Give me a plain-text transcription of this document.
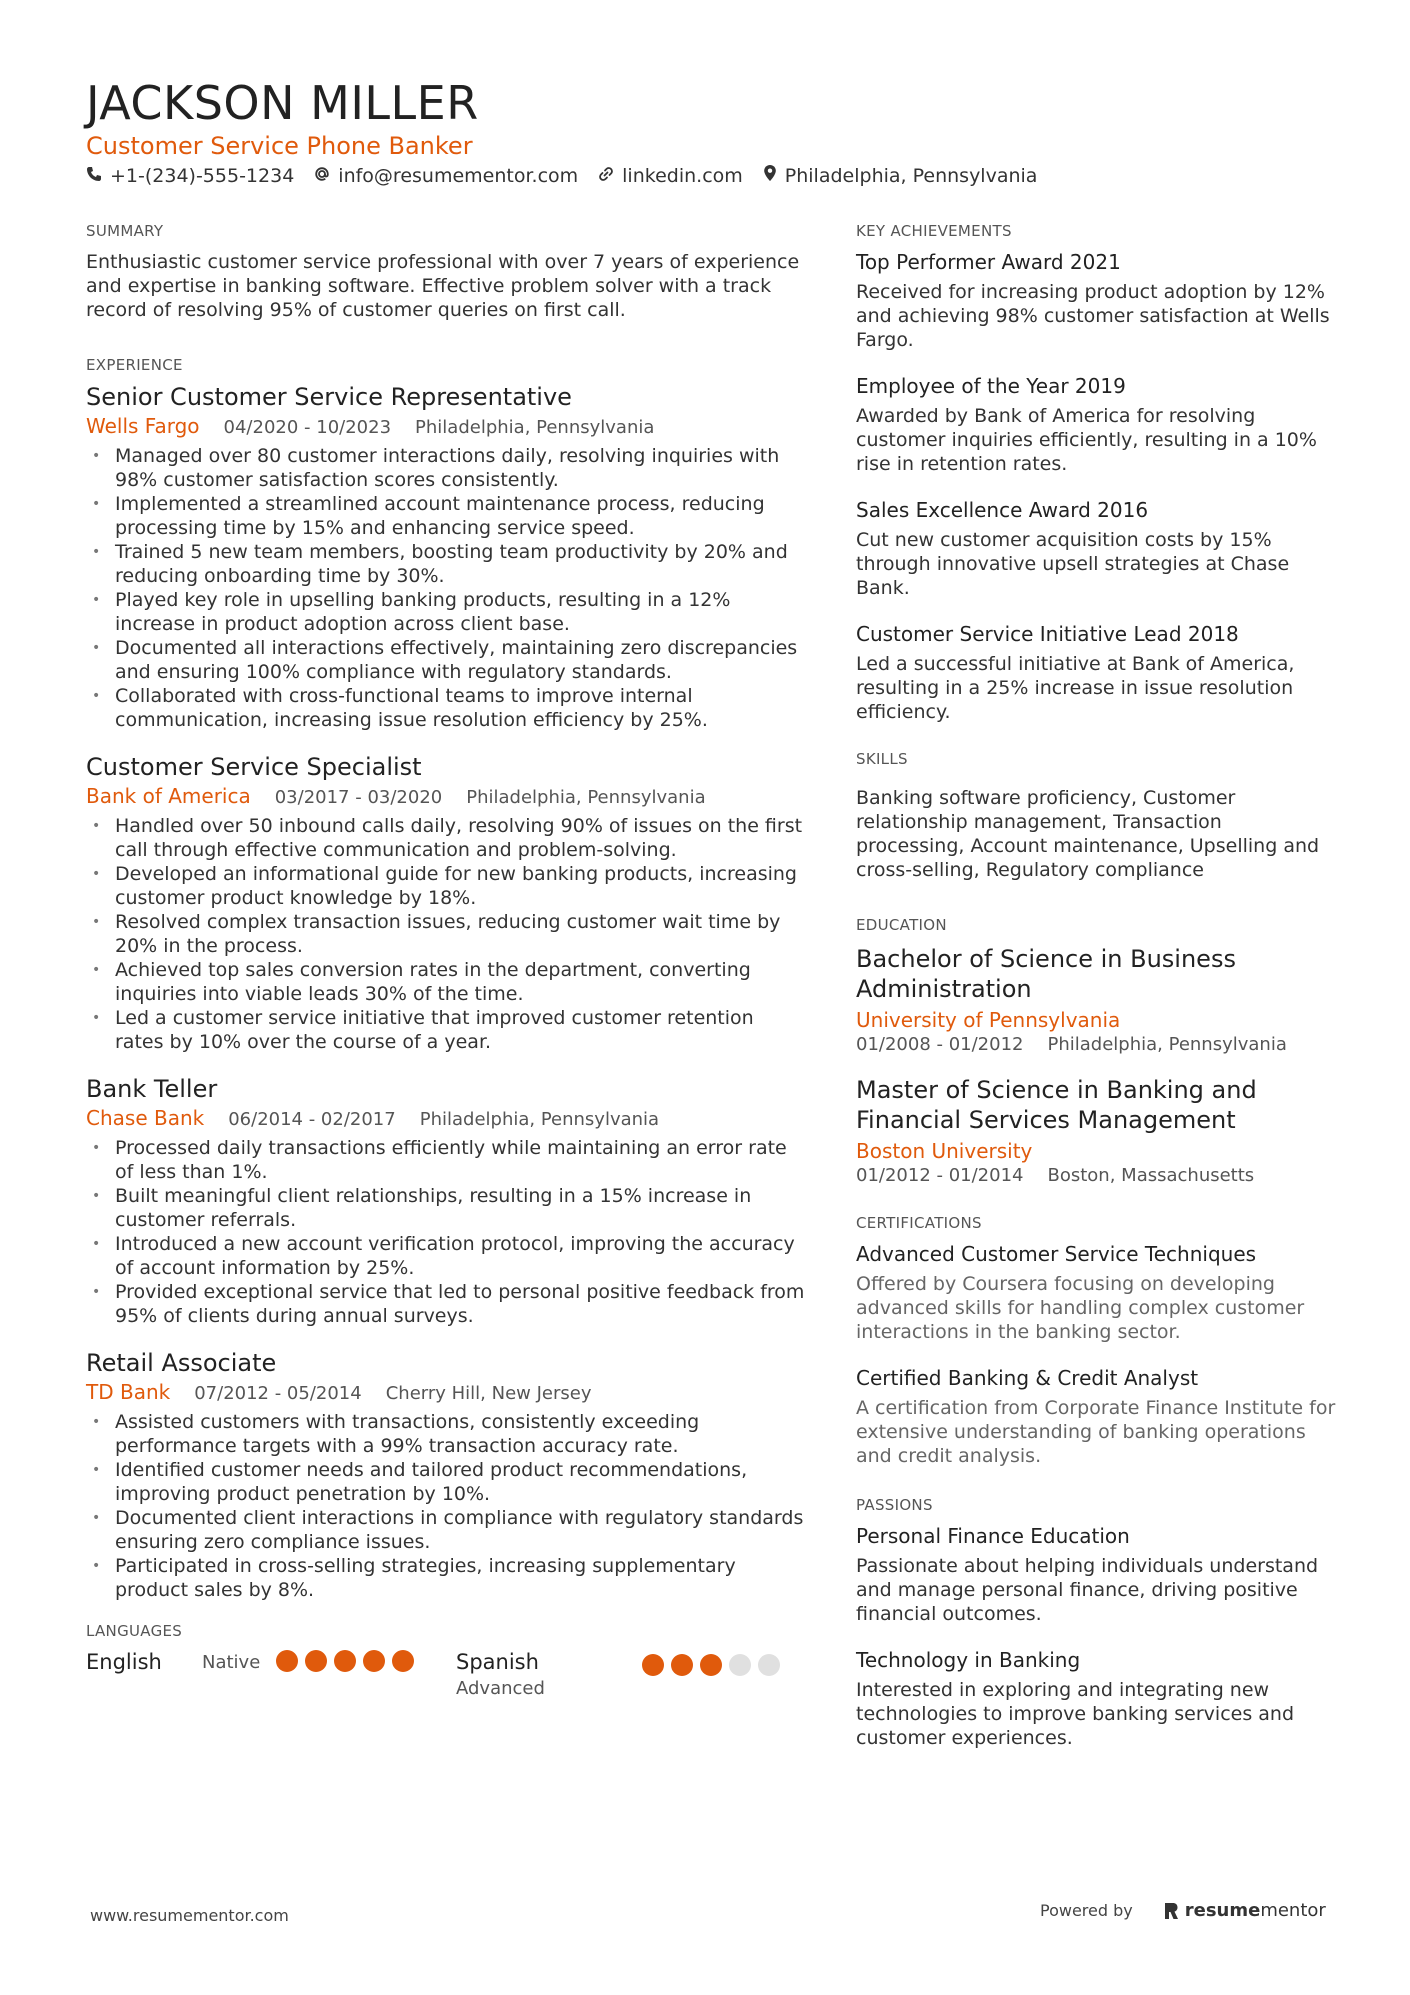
JACKSON MILLER
Customer Service Phone Banker
+1-(234)-555-1234 info@resumementor.com linkedin.com Philadelphia, Pennsylvania
SUMMARY

Enthusiastic customer service professional with over 7 years of experience and expertise in banking software. Effective problem solver with a track record of resolving 95% of customer queries on first call.

EXPERIENCE
Senior Customer Service Representative
Wells Fargo 04/2020 - 10/2023 Philadelphia, Pennsylvania
• Managed over 80 customer interactions daily, resolving inquiries with 98% customer satisfaction scores consistently.
• Implemented a streamlined account maintenance process, reducing processing time by 15% and enhancing service speed.
• Trained 5 new team members, boosting team productivity by 20% and reducing onboarding time by 30%.
• Played key role in upselling banking products, resulting in a 12% increase in product adoption across client base.
• Documented all interactions effectively, maintaining zero discrepancies and ensuring 100% compliance with regulatory standards.
• Collaborated with cross-functional teams to improve internal communication, increasing issue resolution efficiency by 25%.
Customer Service Specialist
Bank of America 03/2017 - 03/2020 Philadelphia, Pennsylvania
• Handled over 50 inbound calls daily, resolving 90% of issues on the first call through effective communication and problem-solving.
• Developed an informational guide for new banking products, increasing customer product knowledge by 18%.
• Resolved complex transaction issues, reducing customer wait time by 20% in the process.
• Achieved top sales conversion rates in the department, converting inquiries into viable leads 30% of the time.
• Led a customer service initiative that improved customer retention rates by 10% over the course of a year.
Bank Teller
Chase Bank 06/2014 - 02/2017 Philadelphia, Pennsylvania
• Processed daily transactions efficiently while maintaining an error rate of less than 1%.
• Built meaningful client relationships, resulting in a 15% increase in customer referrals.
• Introduced a new account verification protocol, improving the accuracy of account information by 25%.
• Provided exceptional service that led to personal positive feedback from 95% of clients during annual surveys.
Retail Associate
TD Bank 07/2012 - 05/2014 Cherry Hill, New Jersey
• Assisted customers with transactions, consistently exceeding performance targets with a 99% transaction accuracy rate.
• Identified customer needs and tailored product recommendations, improving product penetration by 10%.
• Documented client interactions in compliance with regulatory standards ensuring zero compliance issues.
• Participated in cross-selling strategies, increasing supplementary product sales by 8%.
LANGUAGES
English	Native	Spanish
Advanced
KEY ACHIEVEMENTS
Top Performer Award 2021

Received for increasing product adoption by 12% and achieving 98% customer satisfaction at Wells Fargo.

Employee of the Year 2019

Awarded by Bank of America for resolving customer inquiries efficiently, resulting in a 10% rise in retention rates.

Sales Excellence Award 2016

Cut new customer acquisition costs by 15% through innovative upsell strategies at Chase Bank.

Customer Service Initiative Lead 2018

Led a successful initiative at Bank of America, resulting in a 25% increase in issue resolution efficiency.

SKILLS

Banking software proficiency, Customer relationship management, Transaction processing, Account maintenance, Upselling and cross-selling, Regulatory compliance

EDUCATION
Bachelor of Science in Business Administration
University of Pennsylvania
01/2008 - 01/2012 Philadelphia, Pennsylvania
Master of Science in Banking and Financial Services Management
Boston University
01/2012 - 01/2014 Boston, Massachusetts
CERTIFICATIONS
Advanced Customer Service Techniques

Offered by Coursera focusing on developing advanced skills for handling complex customer interactions in the banking sector.

Certified Banking & Credit Analyst

A certification from Corporate Finance Institute for extensive understanding of banking operations and credit analysis.

PASSIONS
Personal Finance Education

Passionate about helping individuals understand and manage personal finance, driving positive financial outcomes.

Technology in Banking

Interested in exploring and integrating new technologies to improve banking services and customer experiences.

www.resumementor.com	Powered by	resume mentor
